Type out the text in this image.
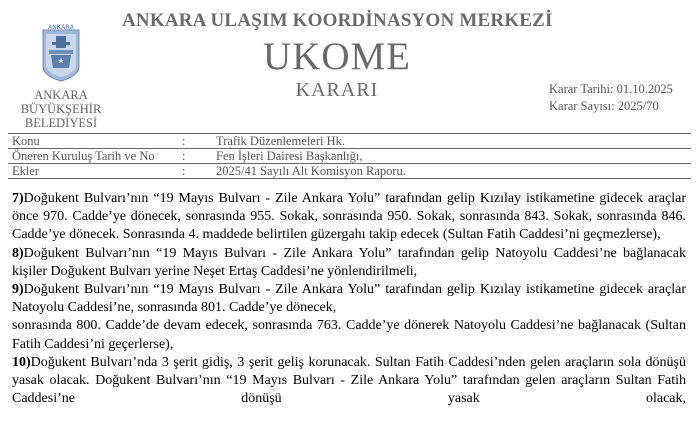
ANKARA
ANKARA
BÜYÜKŞEHİR
BELEDİYESİ
ANKARA ULAŞIM KOORDİNASYON MERKEZİ
UKOME
KARARI	Karar Tarihi: 01.10.2025
Karar Sayısı: 2025/70
Konu	:	Trafik Düzenlemeleri Hk.
Öneren Kuruluş Tarih ve No	:	Fen İşleri Dairesi Başkanlığı,
Ekler	:	2025/41 Sayılı Alt Komisyon Raporu.

7)Doğukent Bulvarı’nın “19 Mayıs Bulvarı - Zile Ankara Yolu” tarafından gelip Kızılay istikametine gidecek araçlar önce 970. Cadde’ye dönecek, sonrasında 955. Sokak, sonrasında 950. Sokak, sonrasında 843. Sokak, sonrasında 846. Cadde’ye dönecek. Sonrasında 4. maddede belirtilen güzergahı takip edecek (Sultan Fatih Caddesi’ni geçmezlerse),

8)Doğukent Bulvarı’nın “19 Mayıs Bulvarı - Zile Ankara Yolu” tarafından gelip Natoyolu Caddesi’ne bağlanacak kişiler Doğukent Bulvarı yerine Neşet Ertaş Caddesi’ne yönlendirilmeli,

9)Doğukent Bulvarı’nın “19 Mayıs Bulvarı - Zile Ankara Yolu” tarafından gelip Kızılay istikametine gidecek araçlar Natoyolu Caddesi’ne, sonrasında 801. Cadde’ye dönecek,

sonrasında 800. Cadde’de devam edecek, sonrasında 763. Cadde’ye dönerek Natoyolu Caddesi’ne bağlanacak (Sultan Fatih Caddesi’ni geçerlerse),

10)Doğukent Bulvarı’nda 3 şerit gidiş, 3 şerit geliş korunacak. Sultan Fatih Caddesi’nden gelen araçların sola dönüşü yasak olacak. Doğukent Bulvarı’nın “19 Mayıs Bulvarı - Zile Ankara Yolu” tarafından gelen araçların Sultan Fatih Caddesi’ne dönüşü yasak olacak,
